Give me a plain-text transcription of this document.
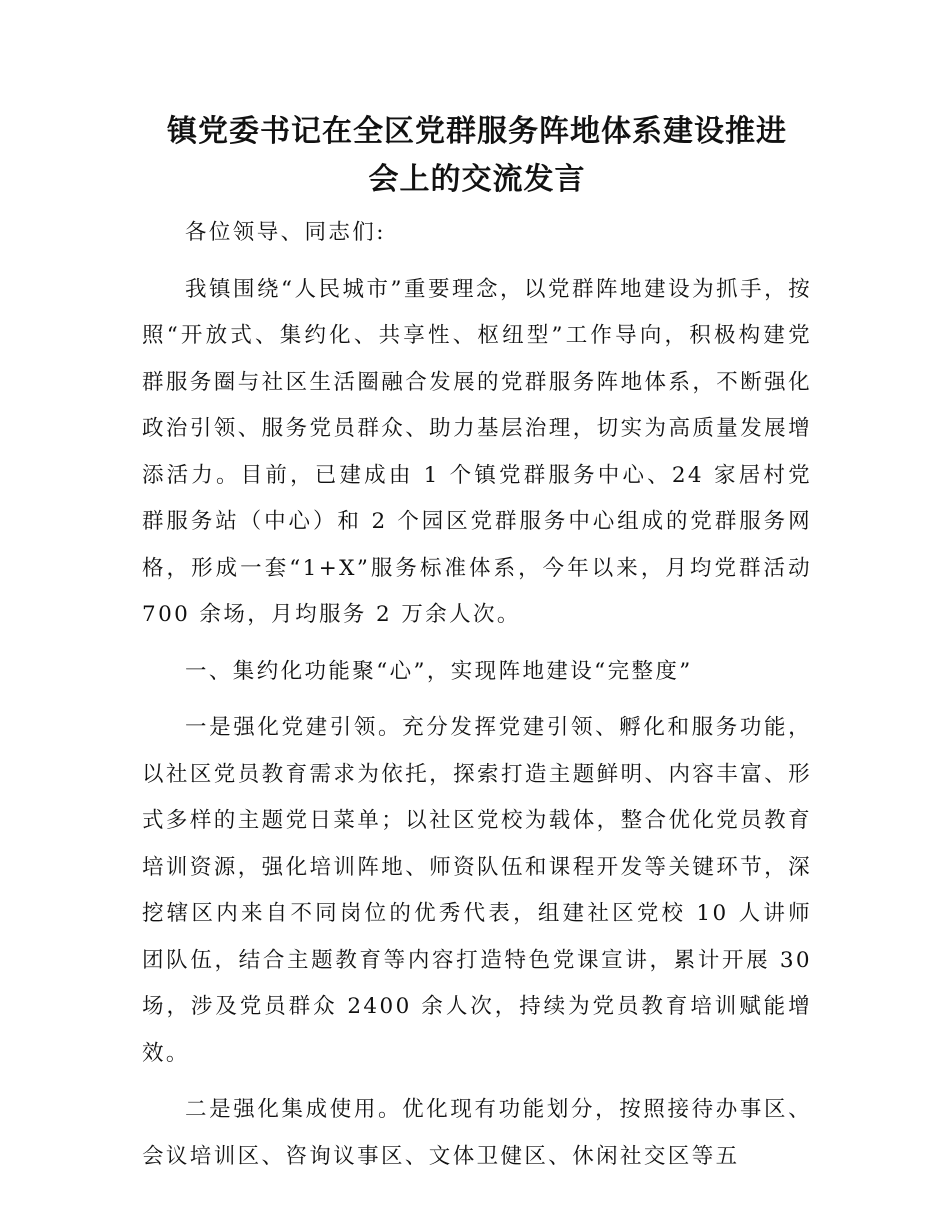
镇党委书记在全区党群服务阵地体系建设推进
会上的交流发言

各位领导、同志们:

我镇围绕“人民城市”重要理念，以党群阵地建设为抓手，按照“开放式、集约化、共享性、枢纽型”工作导向，积极构建党群服务圈与社区生活圈融合发展的党群服务阵地体系，不断强化政治引领、服务党员群众、助力基层治理，切实为高质量发展增添活力。目前，已建成由 1 个镇党群服务中心、24 家居村党群服务站（中心）和 2 个园区党群服务中心组成的党群服务网格，形成一套“1+X”服务标准体系，今年以来，月均党群活动 700 余场，月均服务 2 万余人次。

一、集约化功能聚“心”，实现阵地建设“完整度”

一是强化党建引领。充分发挥党建引领、孵化和服务功能，以社区党员教育需求为依托，探索打造主题鲜明、内容丰富、形式多样的主题党日菜单；以社区党校为载体，整合优化党员教育培训资源，强化培训阵地、师资队伍和课程开发等关键环节，深挖辖区内来自不同岗位的优秀代表，组建社区党校 10 人讲师团队伍，结合主题教育等内容打造特色党课宣讲，累计开展 30 场，涉及党员群众 2400 余人次，持续为党员教育培训赋能增效。

二是强化集成使用。优化现有功能划分，按照接待办事区、会议培训区、咨询议事区、文体卫健区、休闲社交区等五
